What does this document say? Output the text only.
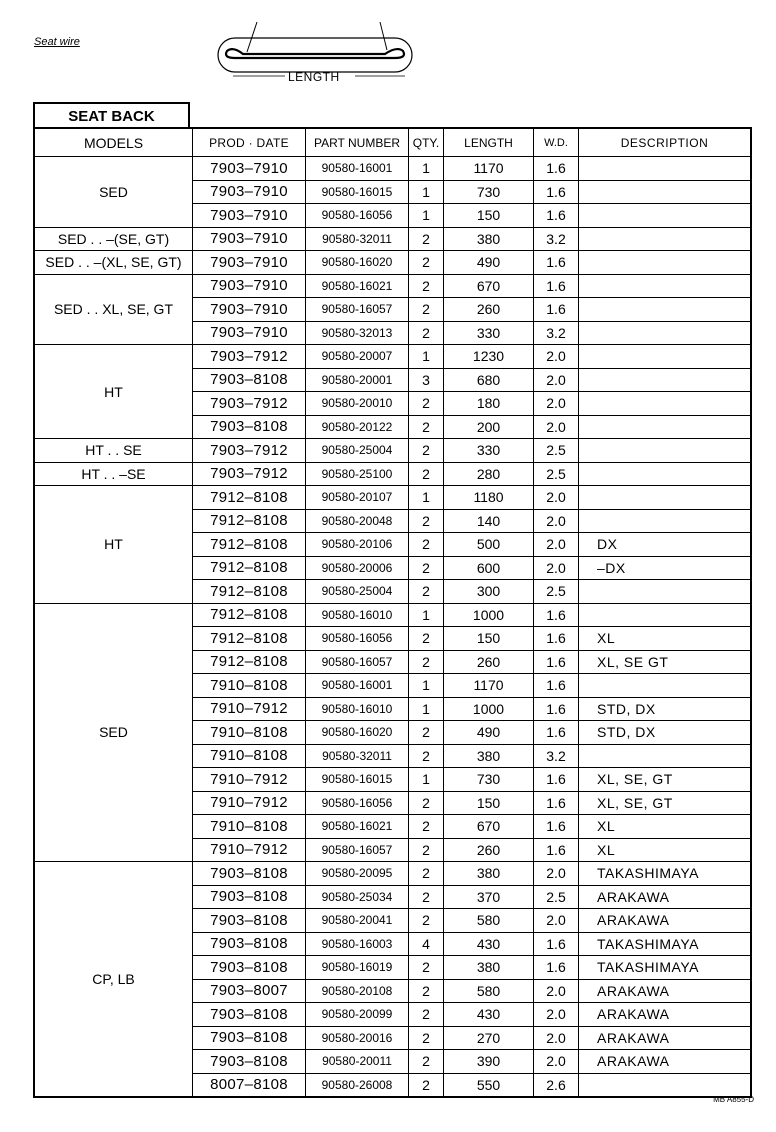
Seat wire
LENGTH
SEAT BACK
MODELS	PROD · DATE	PART NUMBER	QTY.	LENGTH	W.D.	DESCRIPTION
SED	7903–7910	90580-16001	1	1170	1.6	
	7903–7910	90580-16015	1	730	1.6	
	7903–7910	90580-16056	1	150	1.6	
SED . . –(SE, GT)	7903–7910	90580-32011	2	380	3.2	
SED . . –(XL, SE, GT)	7903–7910	90580-16020	2	490	1.6	
SED . . XL, SE, GT	7903–7910	90580-16021	2	670	1.6	
	7903–7910	90580-16057	2	260	1.6	
	7903–7910	90580-32013	2	330	3.2	
HT	7903–7912	90580-20007	1	1230	2.0	
	7903–8108	90580-20001	3	680	2.0	
	7903–7912	90580-20010	2	180	2.0	
	7903–8108	90580-20122	2	200	2.0	
HT . . SE	7903–7912	90580-25004	2	330	2.5	
HT . . –SE	7903–7912	90580-25100	2	280	2.5	
HT	7912–8108	90580-20107	1	1180	2.0	
	7912–8108	90580-20048	2	140	2.0	
	7912–8108	90580-20106	2	500	2.0	DX
	7912–8108	90580-20006	2	600	2.0	–DX
	7912–8108	90580-25004	2	300	2.5	
SED	7912–8108	90580-16010	1	1000	1.6	
	7912–8108	90580-16056	2	150	1.6	XL
	7912–8108	90580-16057	2	260	1.6	XL, SE GT
	7910–8108	90580-16001	1	1170	1.6	
	7910–7912	90580-16010	1	1000	1.6	STD, DX
	7910–8108	90580-16020	2	490	1.6	STD, DX
	7910–8108	90580-32011	2	380	3.2	
	7910–7912	90580-16015	1	730	1.6	XL, SE, GT
	7910–7912	90580-16056	2	150	1.6	XL, SE, GT
	7910–8108	90580-16021	2	670	1.6	XL
	7910–7912	90580-16057	2	260	1.6	XL
CP, LB	7903–8108	90580-20095	2	380	2.0	TAKASHIMAYA
	7903–8108	90580-25034	2	370	2.5	ARAKAWA
	7903–8108	90580-20041	2	580	2.0	ARAKAWA
	7903–8108	90580-16003	4	430	1.6	TAKASHIMAYA
	7903–8108	90580-16019	2	380	1.6	TAKASHIMAYA
	7903–8007	90580-20108	2	580	2.0	ARAKAWA
	7903–8108	90580-20099	2	430	2.0	ARAKAWA
	7903–8108	90580-20016	2	270	2.0	ARAKAWA
	7903–8108	90580-20011	2	390	2.0	ARAKAWA
	8007–8108	90580-26008	2	550	2.6	
MB A855-D
